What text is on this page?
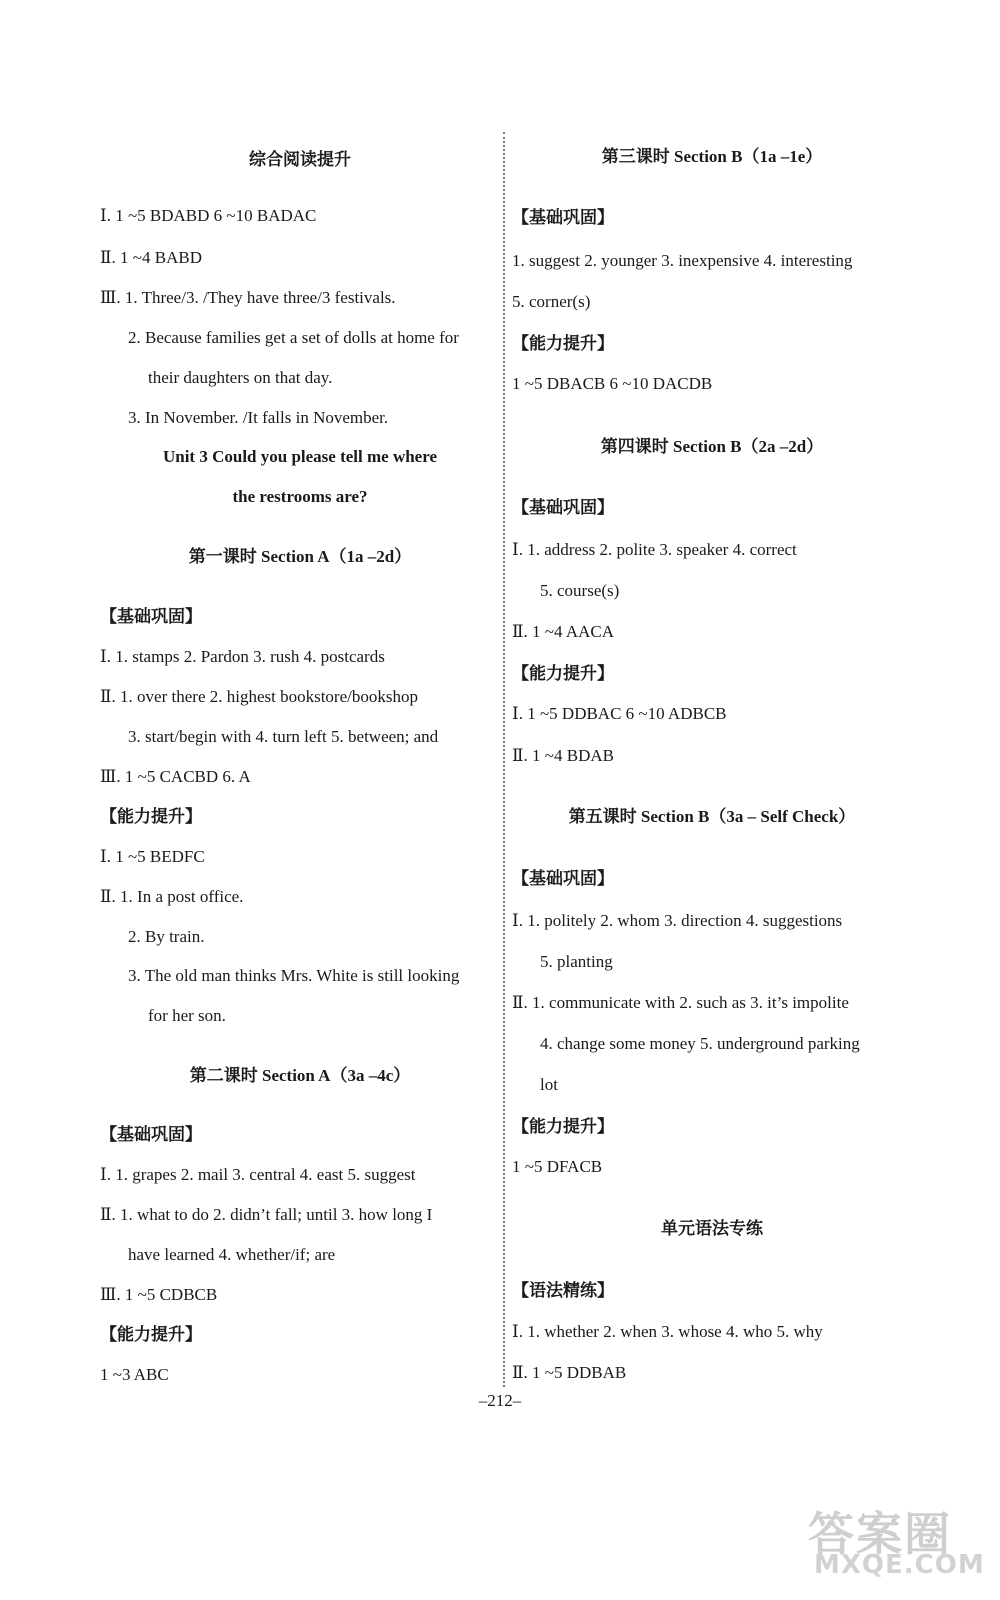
综合阅读提升
Ⅰ. 1 ~5 BDABD 6 ~10 BADAC
Ⅱ. 1 ~4 BABD
Ⅲ. 1. Three/3. /They have three/3 festivals.
2. Because families get a set of dolls at home for
their daughters on that day.
3. In November. /It falls in November.
Unit 3 Could you please tell me where
the restrooms are?
第一课时 Section A（1a –2d）
【基础巩固】
Ⅰ. 1. stamps 2. Pardon 3. rush 4. postcards
Ⅱ. 1. over there 2. highest bookstore/bookshop
3. start/begin with 4. turn left 5. between; and
Ⅲ. 1 ~5 CACBD 6. A
【能力提升】
Ⅰ. 1 ~5 BEDFC
Ⅱ. 1. In a post office.
2. By train.
3. The old man thinks Mrs. White is still looking
for her son.
第二课时 Section A（3a –4c）
【基础巩固】
Ⅰ. 1. grapes 2. mail 3. central 4. east 5. suggest
Ⅱ. 1. what to do 2. didn’t fall; until 3. how long I
have learned 4. whether/if; are
Ⅲ. 1 ~5 CDBCB
【能力提升】
1 ~3 ABC
第三课时 Section B（1a –1e）
【基础巩固】
1. suggest 2. younger 3. inexpensive 4. interesting
5. corner(s)
【能力提升】
1 ~5 DBACB 6 ~10 DACDB
第四课时 Section B（2a –2d）
【基础巩固】
Ⅰ. 1. address 2. polite 3. speaker 4. correct
5. course(s)
Ⅱ. 1 ~4 AACA
【能力提升】
Ⅰ. 1 ~5 DDBAC 6 ~10 ADBCB
Ⅱ. 1 ~4 BDAB
第五课时 Section B（3a – Self Check）
【基础巩固】
Ⅰ. 1. politely 2. whom 3. direction 4. suggestions
5. planting
Ⅱ. 1. communicate with 2. such as 3. it’s impolite
4. change some money 5. underground parking
lot
【能力提升】
1 ~5 DFACB
单元语法专练
【语法精练】
Ⅰ. 1. whether 2. when 3. whose 4. who 5. why
Ⅱ. 1 ~5 DDBAB
–212–
答案圈
MXQE.COM
